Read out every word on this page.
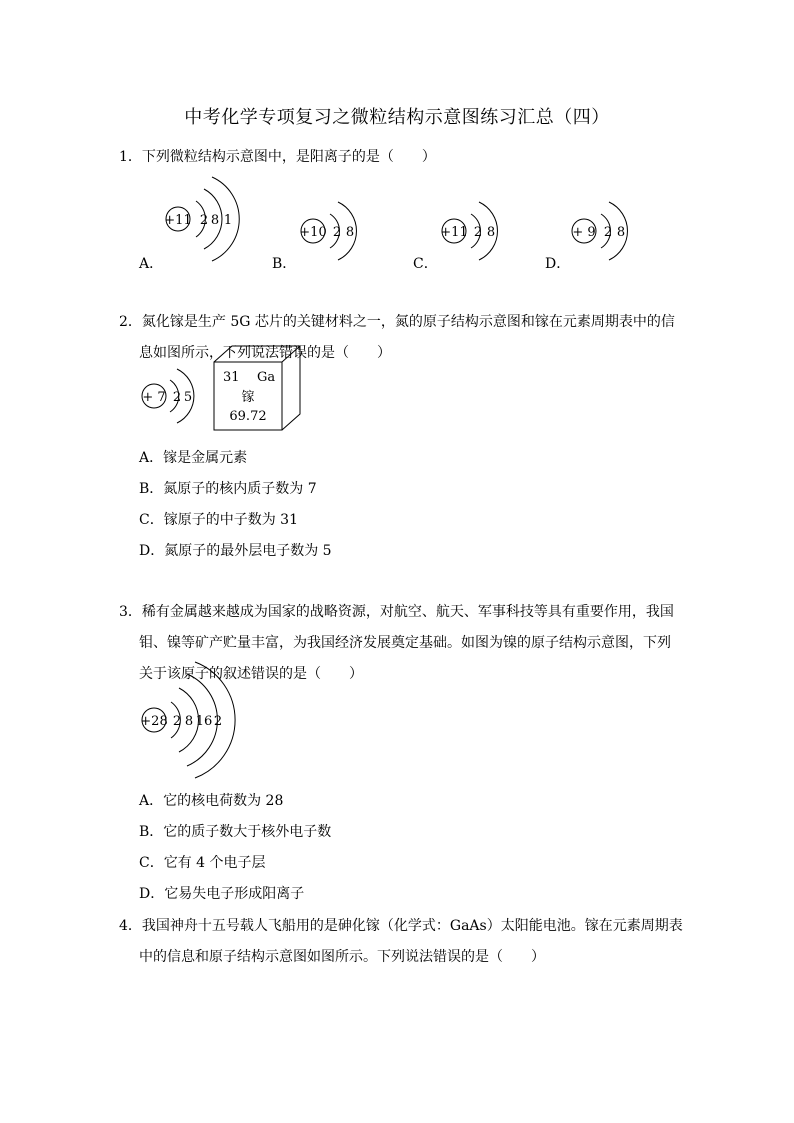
中考化学专项复习之微粒结构示意图练习汇总（四）
1．下列微粒结构示意图中，是阳离子的是（　　）
+11 2 8 1
A．
+10 2 8
B．
+11 2 8
C．
+ 9 2 8
D．
2．氮化镓是生产 5G 芯片的关键材料之一，氮的原子结构示意图和镓在元素周期表中的信
息如图所示，下列说法错误的是（　　）
+ 7 2 5
31 Ga
镓
69.72
A．镓是金属元素
B．氮原子的核内质子数为 7
C．镓原子的中子数为 31
D．氮原子的最外层电子数为 5
3．稀有金属越来越成为国家的战略资源，对航空、航天、军事科技等具有重要作用，我国
钼、镍等矿产贮量丰富，为我国经济发展奠定基础。如图为镍的原子结构示意图，下列
关于该原子的叙述错误的是（　　）
+28 2 8 16 2
A．它的核电荷数为 28
B．它的质子数大于核外电子数
C．它有 4 个电子层
D．它易失电子形成阳离子
4．我国神舟十五号载人飞船用的是砷化镓（化学式：GaAs）太阳能电池。镓在元素周期表
中的信息和原子结构示意图如图所示。下列说法错误的是（　　）
